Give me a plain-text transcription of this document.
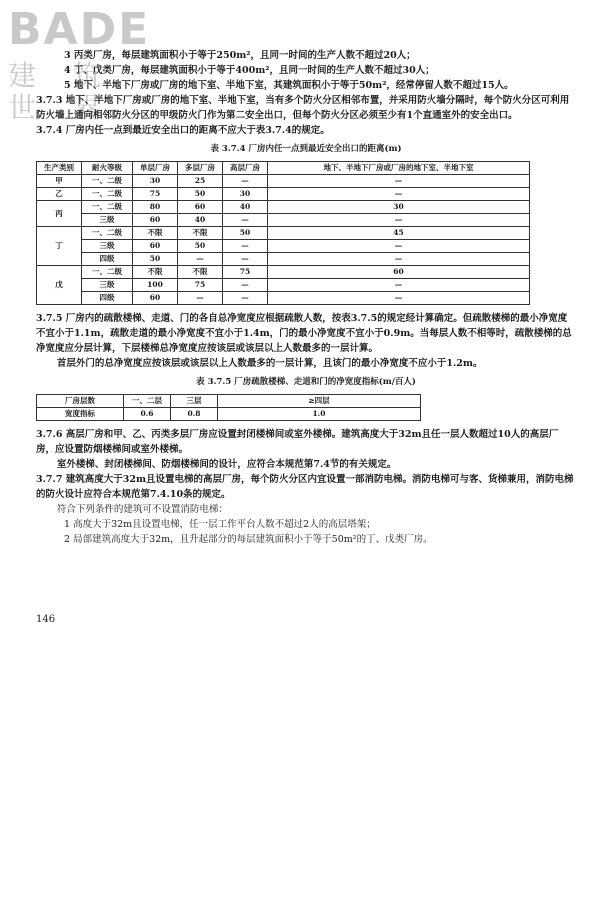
BADE
建 筑 世 界

3 丙类厂房，每层建筑面积小于等于250m²，且同一时间的生产人数不超过20人；

4 丁、戊类厂房，每层建筑面积小于等于400m²，且同一时间的生产人数不超过30人；

5 地下、半地下厂房或厂房的地下室、半地下室，其建筑面积小于等于50m²，经常停留人数不超过15人。

3.7.3 地下、半地下厂房或厂房的地下室、半地下室，当有多个防火分区相邻布置，并采用防火墙分隔时，每个防火分区可利用防火墙上通向相邻防火分区的甲级防火门作为第二安全出口，但每个防火分区必须至少有1个直通室外的安全出口。

3.7.4 厂房内任一点到最近安全出口的距离不应大于表3.7.4的规定。

表 3.7.4 厂房内任一点到最近安全出口的距离(m)
生产类别	耐火等级	单层厂房	多层厂房	高层厂房	地下、半地下厂房或厂房的地下室、半地下室
甲	一、二级	30	25	—	—
乙	一、二级	75	50	30	—
丙	一、二级	80	60	40	30
	三级	60	40	—	—
丁	一、二级	不限	不限	50	45
	三级	60	50	—	—
	四级	50	—	—	—
戊	一、二级	不限	不限	75	60
	三级	100	75	—	—
	四级	60	—	—	—

3.7.5 厂房内的疏散楼梯、走道、门的各自总净宽度应根据疏散人数，按表3.7.5的规定经计算确定。但疏散楼梯的最小净宽度不宜小于1.1m，疏散走道的最小净宽度不宜小于1.4m，门的最小净宽度不宜小于0.9m。当每层人数不相等时，疏散楼梯的总净宽度应分层计算，下层楼梯总净宽度应按该层或该层以上人数最多的一层计算。

首层外门的总净宽度应按该层或该层以上人数最多的一层计算，且该门的最小净宽度不应小于1.2m。

表 3.7.5 厂房疏散楼梯、走道和门的净宽度指标(m/百人)
厂房层数	一、二层	三层	≥四层
宽度指标	0.6	0.8	1.0

3.7.6 高层厂房和甲、乙、丙类多层厂房应设置封闭楼梯间或室外楼梯。建筑高度大于32m且任一层人数超过10人的高层厂房，应设置防烟楼梯间或室外楼梯。

室外楼梯、封闭楼梯间、防烟楼梯间的设计，应符合本规范第7.4节的有关规定。

3.7.7 建筑高度大于32m且设置电梯的高层厂房，每个防火分区内宜设置一部消防电梯。消防电梯可与客、货梯兼用，消防电梯的防火设计应符合本规范第7.4.10条的规定。

符合下列条件的建筑可不设置消防电梯：

1 高度大于32m且设置电梯，任一层工作平台人数不超过2人的高层塔架；

2 局部建筑高度大于32m，且升起部分的每层建筑面积小于等于50m²的丁、戊类厂房。

146
